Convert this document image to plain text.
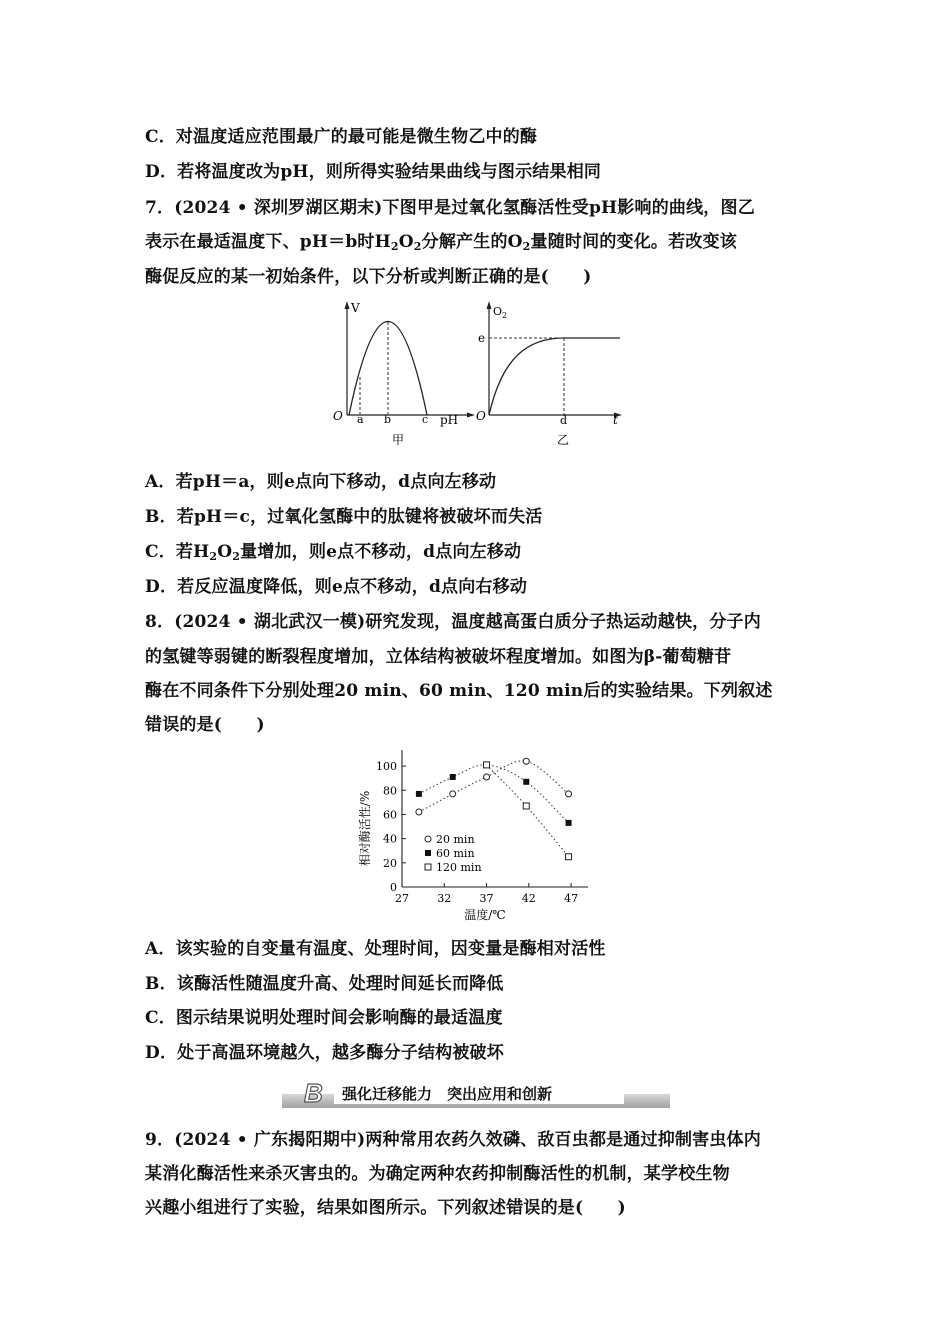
C．对温度适应范围最广的最可能是微生物乙中的酶
D．若将温度改为pH，则所得实验结果曲线与图示结果相同
7．(2024 • 深圳罗湖区期末)下图甲是过氧化氢酶活性受pH影响的曲线，图乙
表示在最适温度下、pH＝b时$H_2O_2$分解产生的$O_2$量随时间的变化。若改变该
酶促反应的某一初始条件，以下分析或判断正确的是(　　)
V
O a b	c pH
甲
$O_2$
e
O	d	t
乙
A．若pH＝a，则e点向下移动，d点向左移动
B．若pH＝c，过氧化氢酶中的肽键将被破坏而失活
C．若$H_2O_2$量增加，则e点不移动，d点向左移动
D．若反应温度降低，则e点不移动，d点向右移动
8．(2024 • 湖北武汉一模)研究发现，温度越高蛋白质分子热运动越快，分子内
的氢键等弱键的断裂程度增加，立体结构被破坏程度增加。如图为β-葡萄糖苷
酶在不同条件下分别处理20 min、60 min、120 min后的实验结果。下列叙述
错误的是(　　)
20 min
60 min
120 min
0
20
40
60
80
100
27	32	37	42	47
温度/℃
相对酶活性/%
A．该实验的自变量有温度、处理时间，因变量是酶相对活性
B．该酶活性随温度升高、处理时间延长而降低
C．图示结果说明处理时间会影响酶的最适温度
D．处于高温环境越久，越多酶分子结构被破坏
B 强化迁移能力　突出应用和创新
9．(2024 • 广东揭阳期中)两种常用农药久效磷、敌百虫都是通过抑制害虫体内
某消化酶活性来杀灭害虫的。为确定两种农药抑制酶活性的机制，某学校生物
兴趣小组进行了实验，结果如图所示。下列叙述错误的是(　　)
